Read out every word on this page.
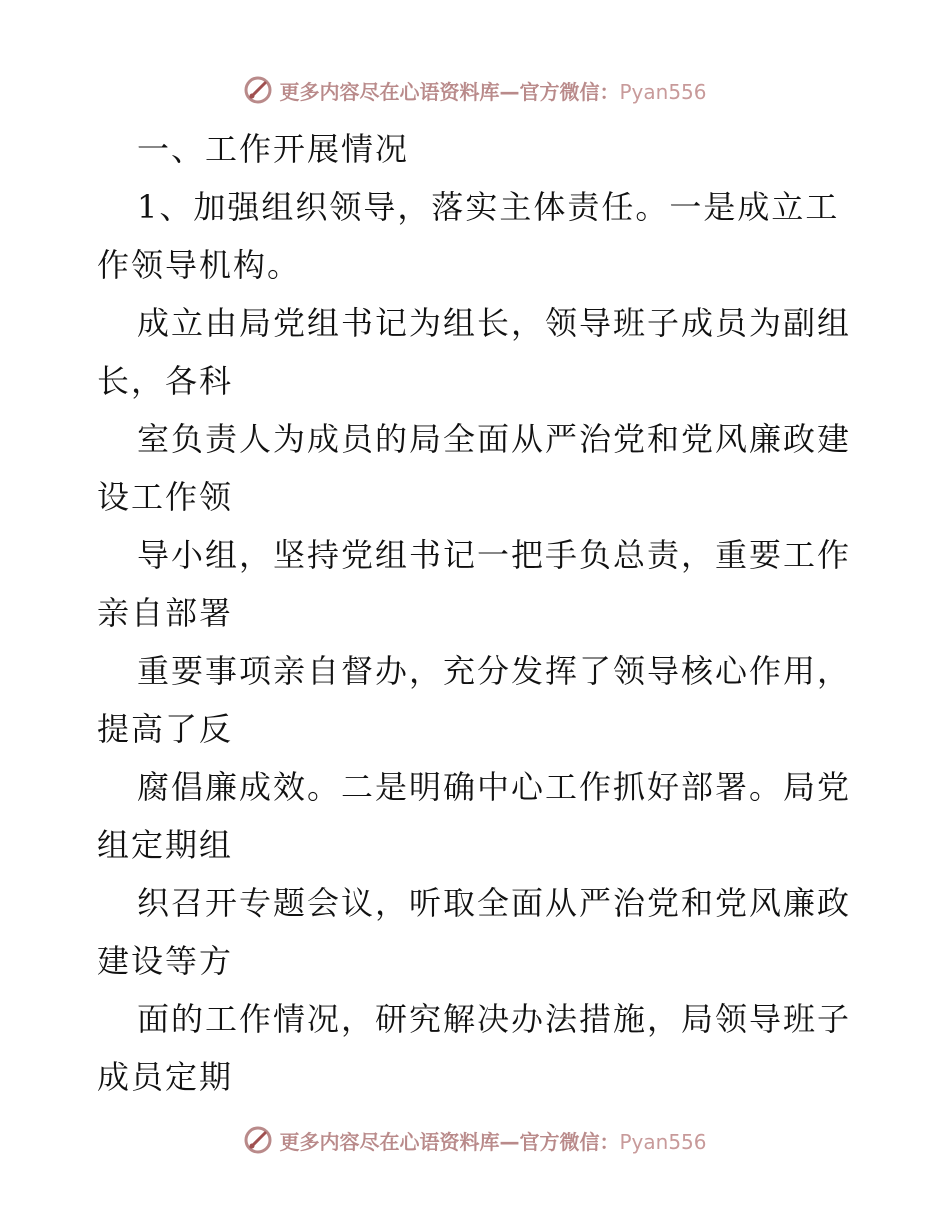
更多内容尽在心语资料库—官方微信：Pyan556
一、工作开展情况
1、加强组织领导，落实主体责任。一是成立工
作领导机构。
成立由局党组书记为组长，领导班子成员为副组
长，各科
室负责人为成员的局全面从严治党和党风廉政建
设工作领
导小组，坚持党组书记一把手负总责，重要工作
亲自部署
重要事项亲自督办，充分发挥了领导核心作用，
提高了反
腐倡廉成效。二是明确中心工作抓好部署。局党
组定期组
织召开专题会议，听取全面从严治党和党风廉政
建设等方
面的工作情况，研究解决办法措施，局领导班子
成员定期
更多内容尽在心语资料库—官方微信：Pyan556
